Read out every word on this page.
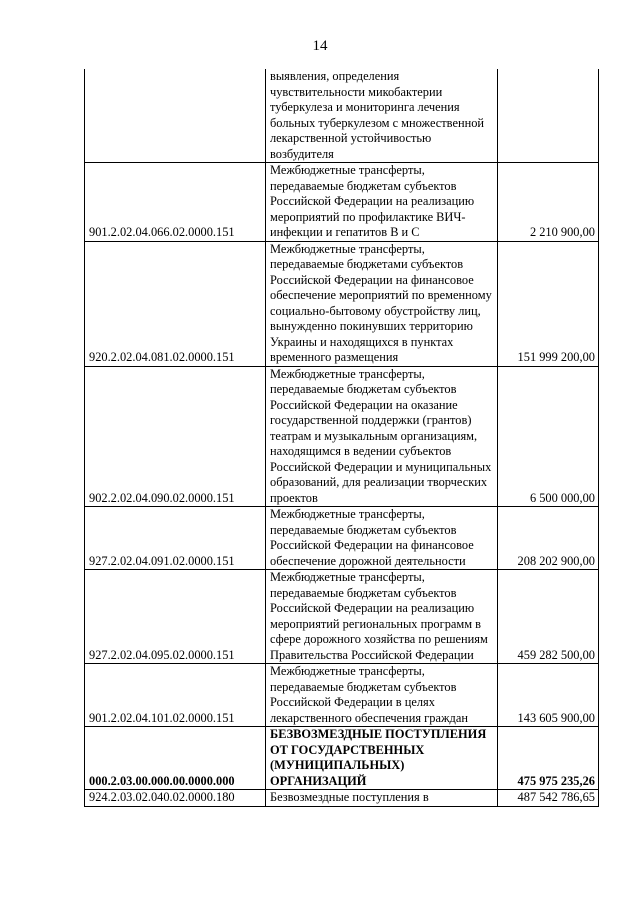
14
	выявления, определения чувствительности микобактерии туберкулеза и мониторинга лечения больных туберкулезом с множественной лекарственной устойчивостью возбудителя	
901.2.02.04.066.02.0000.151	Межбюджетные трансферты, передаваемые бюджетам субъектов Российской Федерации на реализацию мероприятий по профилактике ВИЧ-инфекции и гепатитов В и С	2 210 900,00
920.2.02.04.081.02.0000.151	Межбюджетные трансферты, передаваемые бюджетами субъектов Российской Федерации на финансовое обеспечение мероприятий по временному социально-бытовому обустройству лиц, вынужденно покинувших территорию Украины и находящихся в пунктах временного размещения	151 999 200,00
902.2.02.04.090.02.0000.151	Межбюджетные трансферты, передаваемые бюджетам субъектов Российской Федерации на оказание государственной поддержки (грантов) театрам и музыкальным организациям, находящимся в ведении субъектов Российской Федерации и муниципальных образований, для реализации творческих проектов	6 500 000,00
927.2.02.04.091.02.0000.151	Межбюджетные трансферты, передаваемые бюджетам субъектов Российской Федерации на финансовое обеспечение дорожной деятельности	208 202 900,00
927.2.02.04.095.02.0000.151	Межбюджетные трансферты, передаваемые бюджетам субъектов Российской Федерации на реализацию мероприятий региональных программ в сфере дорожного хозяйства по решениям Правительства Российской Федерации	459 282 500,00
901.2.02.04.101.02.0000.151	Межбюджетные трансферты, передаваемые бюджетам субъектов Российской Федерации в целях лекарственного обеспечения граждан	143 605 900,00
000.2.03.00.000.00.0000.000	БЕЗВОЗМЕЗДНЫЕ ПОСТУПЛЕНИЯ ОТ ГОСУДАРСТВЕННЫХ (МУНИЦИПАЛЬНЫХ) ОРГАНИЗАЦИЙ	475 975 235,26
924.2.03.02.040.02.0000.180	Безвозмездные поступления в	487 542 786,65
